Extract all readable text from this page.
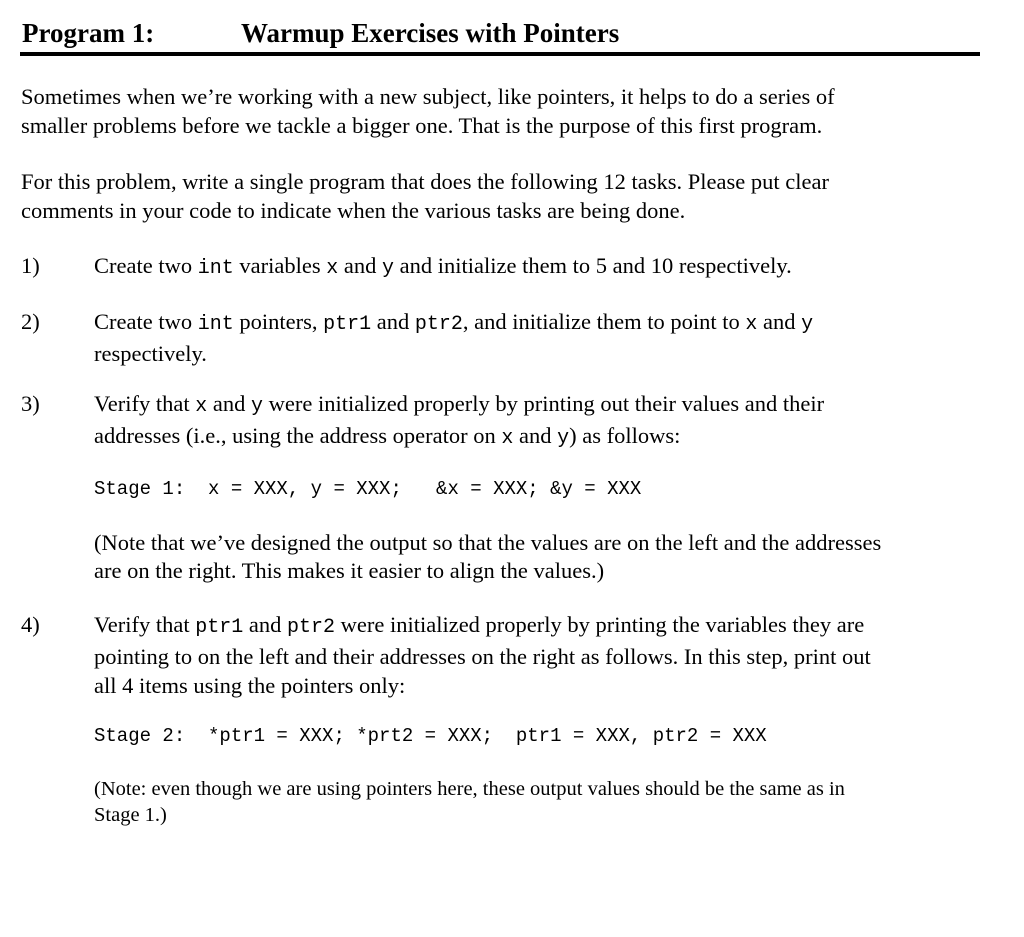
Program 1:	Warmup Exercises with Pointers
Sometimes when we’re working with a new subject, like pointers, it helps to do a series of
smaller problems before we tackle a bigger one. That is the purpose of this first program.
For this problem, write a single program that does the following 12 tasks. Please put clear
comments in your code to indicate when the various tasks are being done.
1) Create two int variables x and y and initialize them to 5 and 10 respectively.
2) Create two int pointers, ptr1 and ptr2, and initialize them to point to x and y
respectively.
3) Verify that x and y were initialized properly by printing out their values and their
addresses (i.e., using the address operator on x and y) as follows:
Stage 1:  x = XXX, y = XXX;   &x = XXX; &y = XXX
(Note that we’ve designed the output so that the values are on the left and the addresses
are on the right. This makes it easier to align the values.)
4) Verify that ptr1 and ptr2 were initialized properly by printing the variables they are
pointing to on the left and their addresses on the right as follows. In this step, print out
all 4 items using the pointers only:
Stage 2:  *ptr1 = XXX; *prt2 = XXX;  ptr1 = XXX, ptr2 = XXX
(Note: even though we are using pointers here, these output values should be the same as in
Stage 1.)
